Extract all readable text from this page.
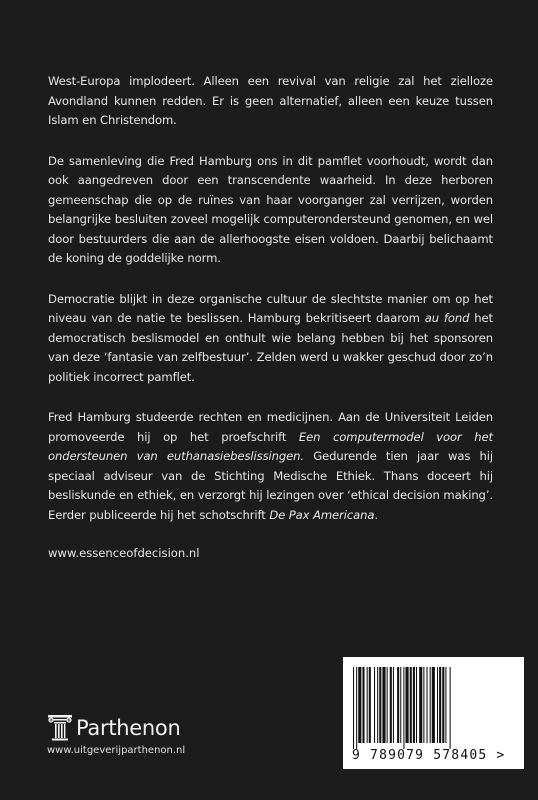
West-Europa implodeert. Alleen een revival van religie zal het zielloze Avondland kunnen redden. Er is geen alternatief, alleen een keuze tussen Islam en Christendom.

De samenleving die Fred Hamburg ons in dit pamflet voorhoudt, wordt dan ook aangedreven door een transcendente waarheid. In deze herboren gemeenschap die op de ruïnes van haar voorganger zal verrijzen, worden belangrijke besluiten zoveel mogelijk computerondersteund genomen, en wel door bestuurders die aan de allerhoogste eisen voldoen. Daarbij belichaamt de koning de goddelijke norm.

Democratie blijkt in deze organische cultuur de slechtste manier om op het niveau van de natie te beslissen. Hamburg bekritiseert daarom au fond het democratisch beslismodel en onthult wie belang hebben bij het sponsoren van deze ‘fantasie van zelfbestuur’. Zelden werd u wakker geschud door zo’n politiek incorrect pamflet.

Fred Hamburg studeerde rechten en medicijnen. Aan de Universiteit Leiden promoveerde hij op het proefschrift Een computermodel voor het ondersteunen van euthanasiebeslissingen. Gedurende tien jaar was hij speciaal adviseur van de Stichting Medische Ethiek. Thans doceert hij besliskunde en ethiek, en verzorgt hij lezingen over ‘ethical decision making’. Eerder publiceerde hij het schotschrift De Pax Americana.

www.essenceofdecision.nl

Parthenon
www.uitgeverijparthenon.nl	9 789079 578405 >
